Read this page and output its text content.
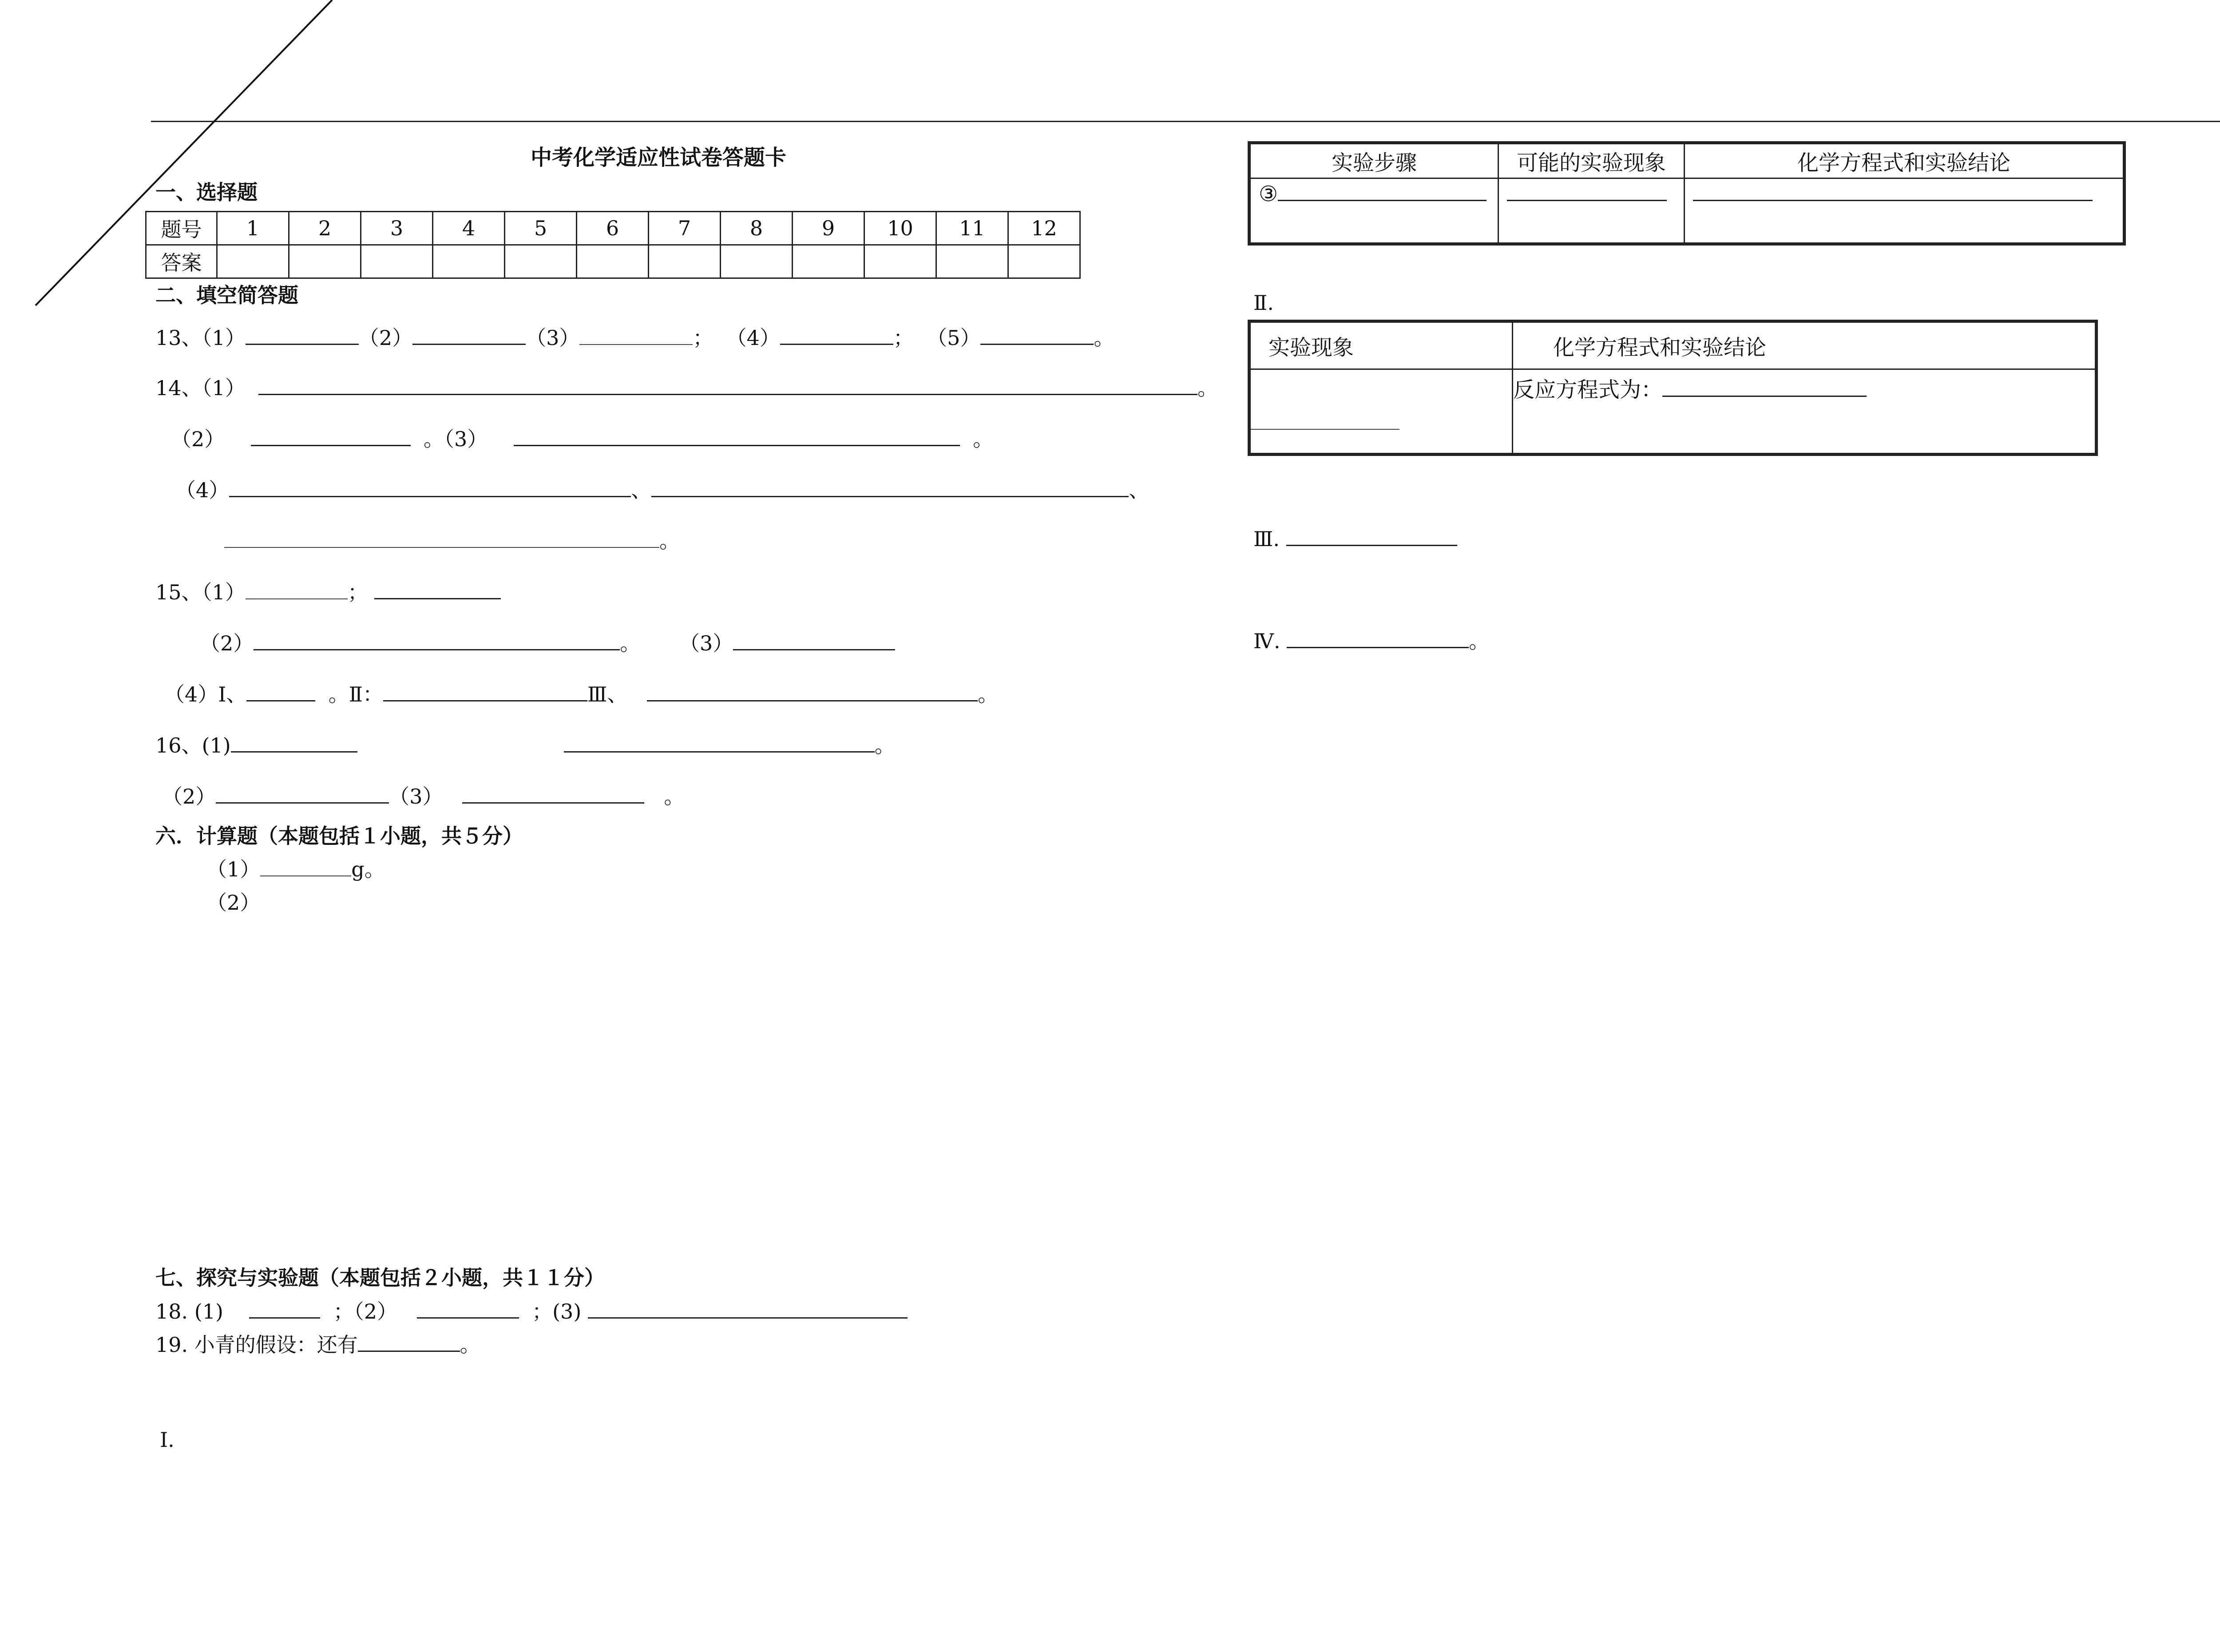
中考化学适应性试卷答题卡
一、选择题
题号	1	2	3	4	5	6	7	8	9	10	11	12
答案												
二、填空简答题
13、（1）	（2）	（3）	； （4）	； （5）	。
14、（1）	。
（2）	。（3）	。
（4）	、	、
。
15、（1）	；
（2）	。 （3）
（4）Ⅰ、	。Ⅱ：	Ⅲ、	。
16、(1)	。
（2）	（3）	。
六．计算题（本题包括１小题，共５分）
（1）	g。
（2）
七、探究与实验题（本题包括２小题，共１１分）
18. (1)	；（2）	；(3)
19. 小青的假设：还有	。
Ⅰ.
实验步骤	可能的实验现象	化学方程式和实验结论
③		
Ⅱ.
实验现象	化学方程式和实验结论
	反应方程式为：
Ⅲ.
Ⅳ.	。
